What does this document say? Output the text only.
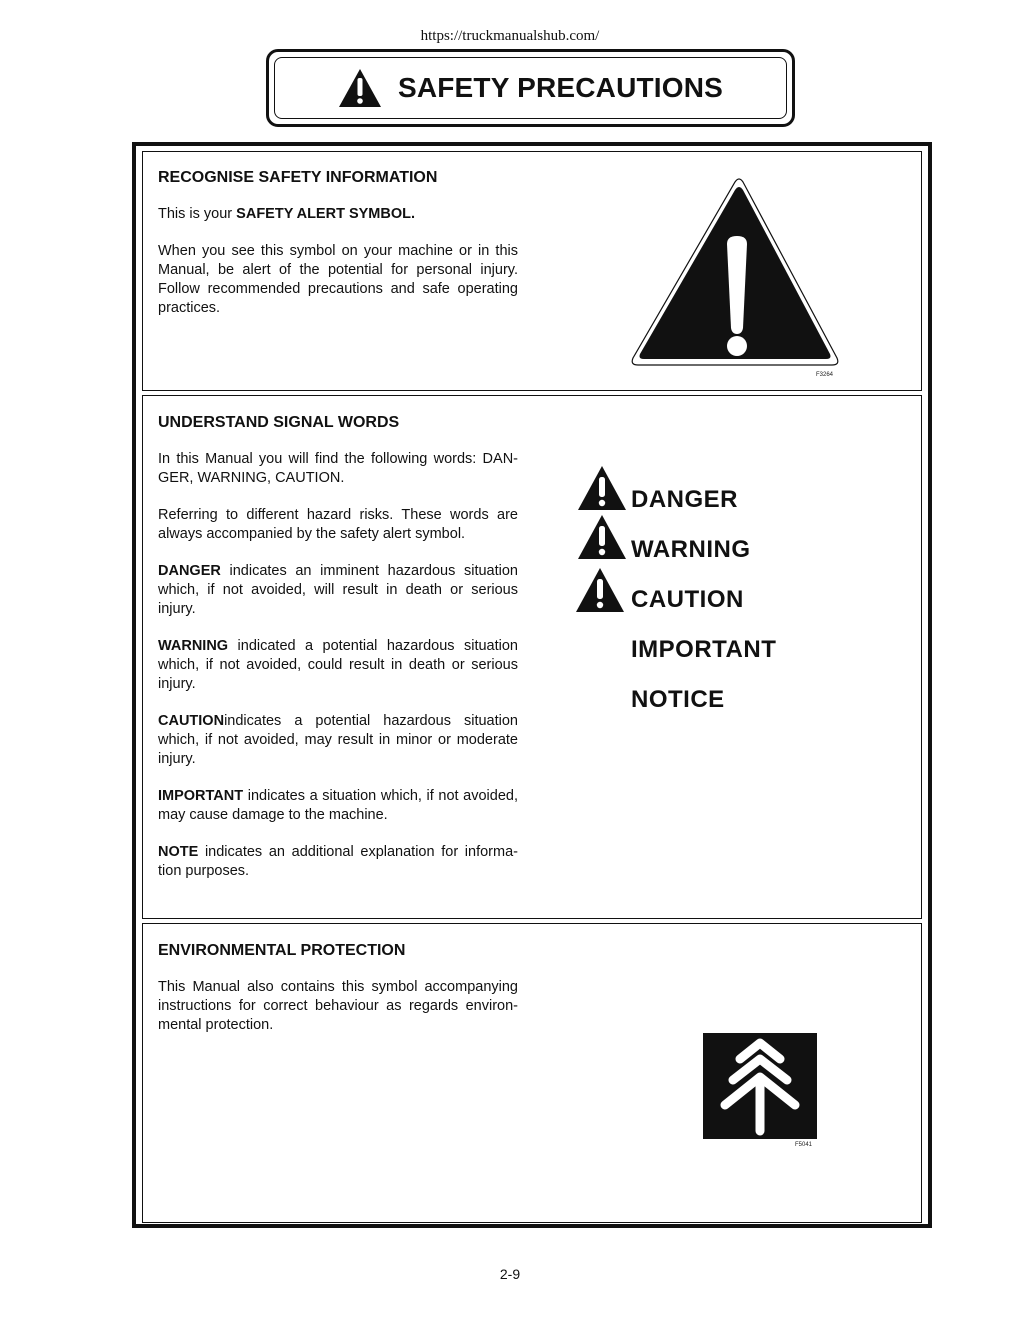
https://truckmanualshub.com/
SAFETY PRECAUTIONS
RECOGNISE SAFETY INFORMATION
This is your SAFETY ALERT SYMBOL.
When you see this symbol on your machine or in this Manual, be alert of the potential for personal injury. Follow recommended precautions and safe operating practices.
F3264
UNDERSTAND SIGNAL WORDS
In this Manual you will find the following words: DAN-GER, WARNING, CAUTION.
Referring to different hazard risks. These words are always accompanied by the safety alert symbol.
DANGER indicates an imminent hazardous situation which, if not avoided, will result in death or serious injury.
WARNING indicated a potential hazardous situation which, if not avoided, could result in death or serious injury.
CAUTIONindicates a potential hazardous situation which, if not avoided, may result in minor or moderate injury.
IMPORTANT indicates a situation which, if not avoided, may cause damage to the machine.
NOTE indicates an additional explanation for informa-tion purposes.
DANGER
WARNING
CAUTION
IMPORTANT
NOTICE
ENVIRONMENTAL PROTECTION
This Manual also contains this symbol accompanying instructions for correct behaviour as regards environ-mental protection.
F5041
2-9
